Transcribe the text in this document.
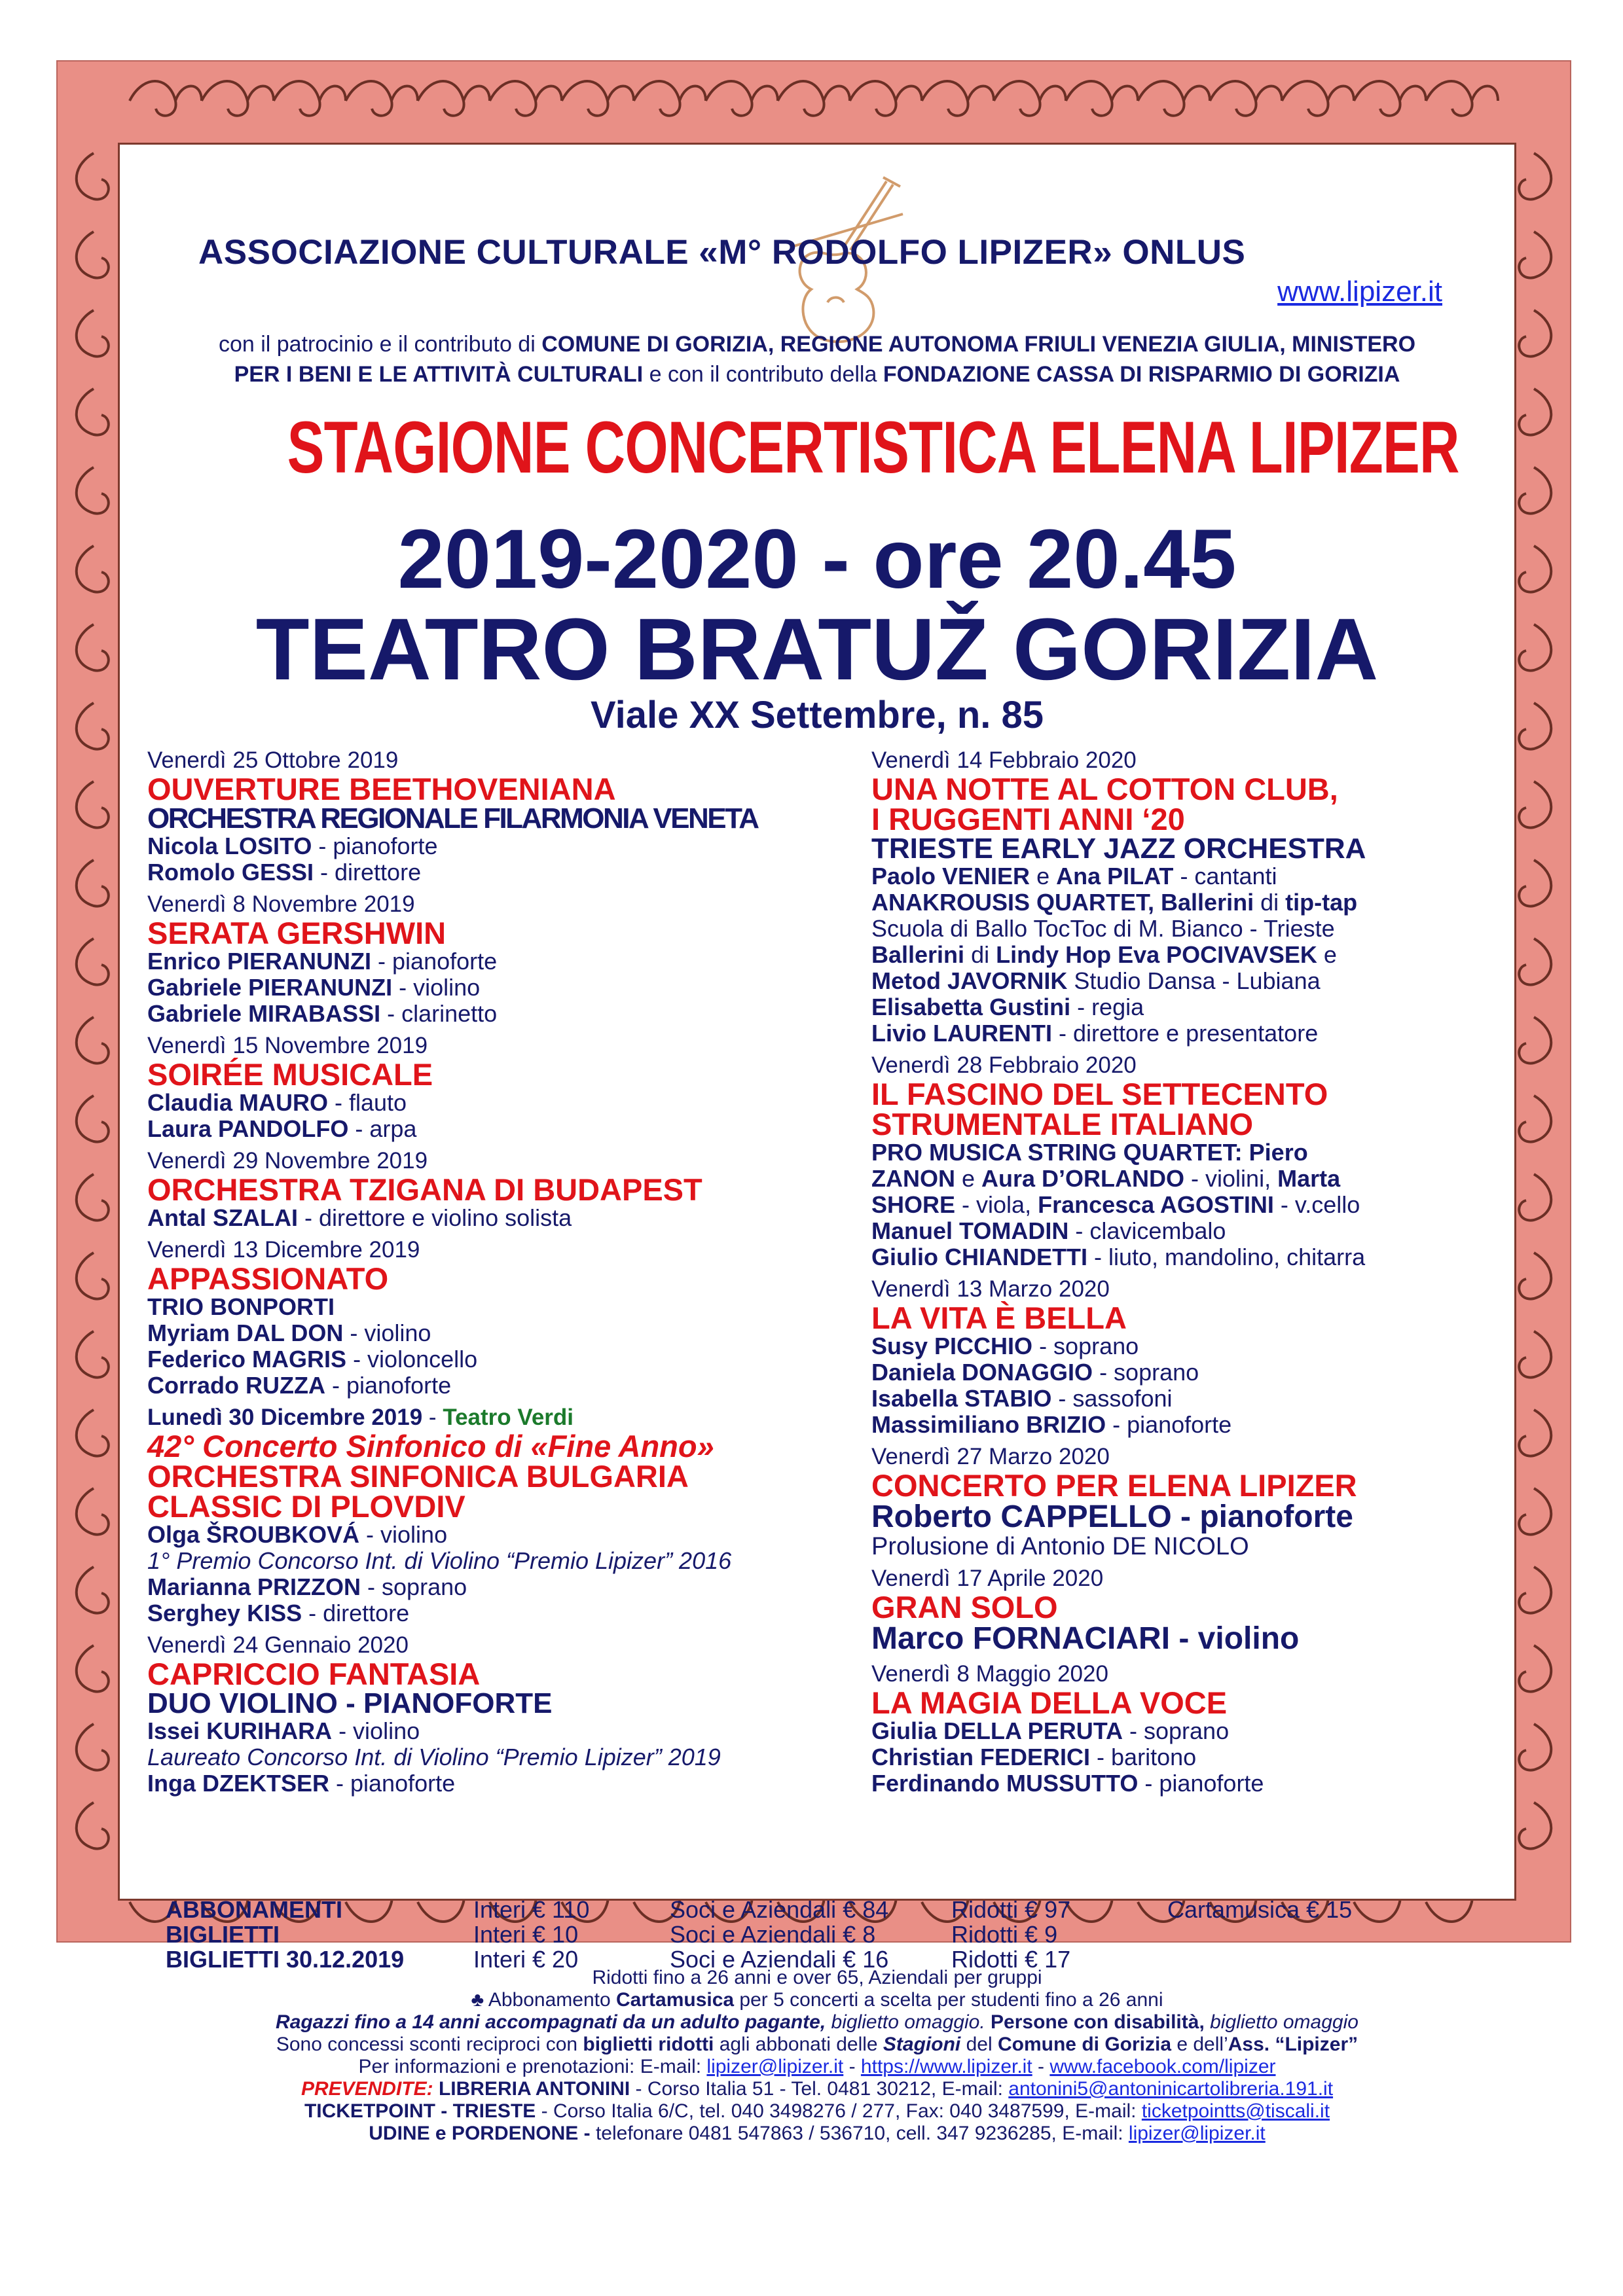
ASSOCIAZIONE CULTURALE «M° RODOLFO LIPIZER» ONLUS
www.lipizer.it
con il patrocinio e il contributo di COMUNE DI GORIZIA, REGIONE AUTONOMA FRIULI VENEZIA GIULIA, MINISTERO
PER I BENI E LE ATTIVITÀ CULTURALI e con il contributo della FONDAZIONE CASSA DI RISPARMIO DI GORIZIA
STAGIONE CONCERTISTICA ELENA LIPIZER
2019-2020 - ore 20.45
TEATRO BRATUŽ GORIZIA
Viale XX Settembre, n. 85
Venerdì 25 Ottobre 2019
OUVERTURE BEETHOVENIANA
ORCHESTRA REGIONALE FILARMONIA VENETA
Nicola LOSITO - pianoforte
Romolo GESSI - direttore
Venerdì 8 Novembre 2019
SERATA GERSHWIN
Enrico PIERANUNZI - pianoforte
Gabriele PIERANUNZI - violino
Gabriele MIRABASSI - clarinetto
Venerdì 15 Novembre 2019
SOIRÉE MUSICALE
Claudia MAURO - flauto
Laura PANDOLFO - arpa
Venerdì 29 Novembre 2019
ORCHESTRA TZIGANA DI BUDAPEST
Antal SZALAI - direttore e violino solista
Venerdì 13 Dicembre 2019
APPASSIONATO
TRIO BONPORTI
Myriam DAL DON - violino
Federico MAGRIS - violoncello
Corrado RUZZA - pianoforte
Lunedì 30 Dicembre 2019 - Teatro Verdi
42° Concerto Sinfonico di «Fine Anno»
ORCHESTRA SINFONICA BULGARIA
CLASSIC DI PLOVDIV
Olga ŠROUBKOVÁ - violino
1° Premio Concorso Int. di Violino “Premio Lipizer” 2016
Marianna PRIZZON - soprano
Serghey KISS - direttore
Venerdì 24 Gennaio 2020
CAPRICCIO FANTASIA
DUO VIOLINO - PIANOFORTE
Issei KURIHARA - violino
Laureato Concorso Int. di Violino “Premio Lipizer” 2019
Inga DZEKTSER - pianoforte
Venerdì 14 Febbraio 2020
UNA NOTTE AL COTTON CLUB,
I RUGGENTI ANNI ‘20
TRIESTE EARLY JAZZ ORCHESTRA
Paolo VENIER e Ana PILAT - cantanti
ANAKROUSIS QUARTET, Ballerini di tip-tap
Scuola di Ballo TocToc di M. Bianco - Trieste
Ballerini di Lindy Hop Eva POCIVAVSEK e
Metod JAVORNIK Studio Dansa - Lubiana
Elisabetta Gustini - regia
Livio LAURENTI - direttore e presentatore
Venerdì 28 Febbraio 2020
IL FASCINO DEL SETTECENTO
STRUMENTALE ITALIANO
PRO MUSICA STRING QUARTET: Piero
ZANON e Aura D’ORLANDO - violini, Marta
SHORE - viola, Francesca AGOSTINI - v.cello
Manuel TOMADIN - clavicembalo
Giulio CHIANDETTI - liuto, mandolino, chitarra
Venerdì 13 Marzo 2020
LA VITA È BELLA
Susy PICCHIO - soprano
Daniela DONAGGIO - soprano
Isabella STABIO - sassofoni
Massimiliano BRIZIO - pianoforte
Venerdì 27 Marzo 2020
CONCERTO PER ELENA LIPIZER
Roberto CAPPELLO - pianoforte
Prolusione di Antonio DE NICOLO
Venerdì 17 Aprile 2020
GRAN SOLO
Marco FORNACIARI - violino
Venerdì 8 Maggio 2020
LA MAGIA DELLA VOCE
Giulia DELLA PERUTA - soprano
Christian FEDERICI - baritono
Ferdinando MUSSUTTO - pianoforte
ABBONAMENTI	Interi € 110	Soci e Aziendali € 84	Ridotti € 97	Cartamusica € 15
BIGLIETTI	Interi € 10	Soci e Aziendali € 8	Ridotti € 9
BIGLIETTI 30.12.2019	Interi € 20	Soci e Aziendali € 16	Ridotti € 17
Ridotti fino a 26 anni e over 65, Aziendali per gruppi
♣ Abbonamento Cartamusica per 5 concerti a scelta per studenti fino a 26 anni
Ragazzi fino a 14 anni accompagnati da un adulto pagante, biglietto omaggio. Persone con disabilità, biglietto omaggio
Sono concessi sconti reciproci con biglietti ridotti agli abbonati delle Stagioni del Comune di Gorizia e dell’Ass. “Lipizer”
Per informazioni e prenotazioni: E-mail: lipizer@lipizer.it - https://www.lipizer.it - www.facebook.com/lipizer
PREVENDITE: LIBRERIA ANTONINI - Corso Italia 51 - Tel. 0481 30212, E-mail: antonini5@antoninicartolibreria.191.it
TICKETPOINT - TRIESTE - Corso Italia 6/C, tel. 040 3498276 / 277, Fax: 040 3487599, E-mail: ticketpointts@tiscali.it
UDINE e PORDENONE - telefonare 0481 547863 / 536710, cell. 347 9236285, E-mail: lipizer@lipizer.it
